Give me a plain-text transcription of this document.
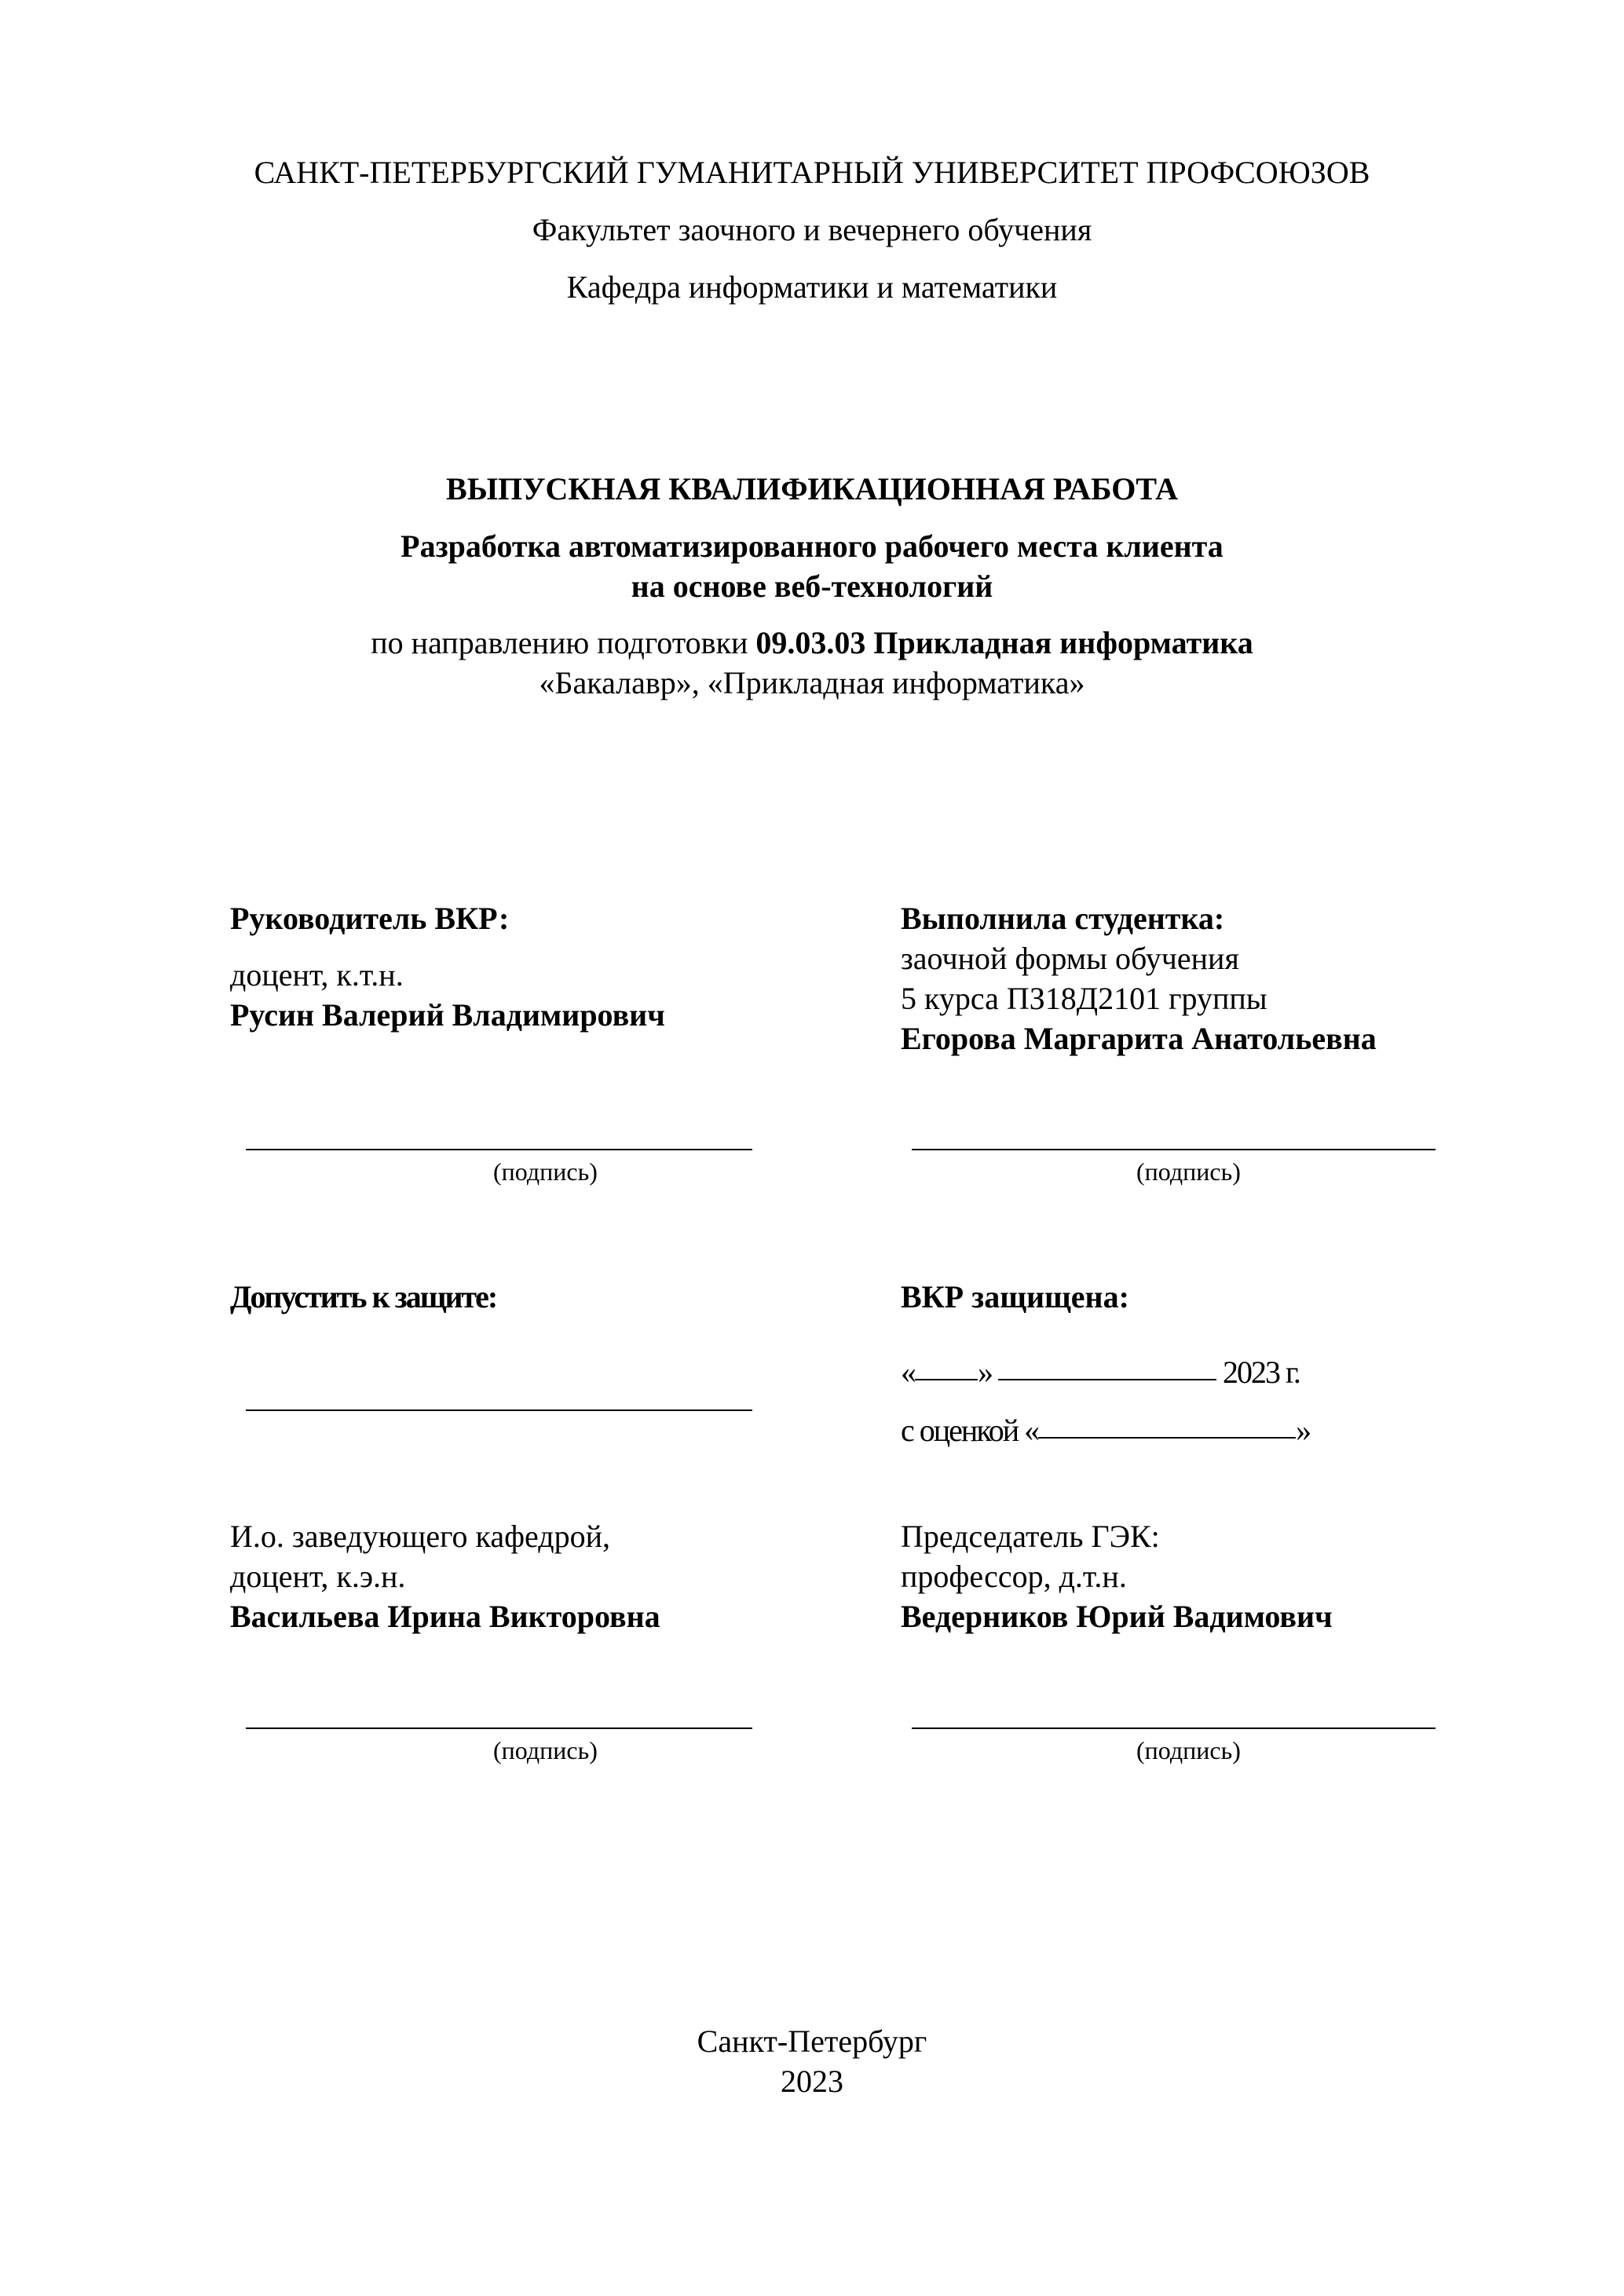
САНКТ-ПЕТЕРБУРГСКИЙ ГУМАНИТАРНЫЙ УНИВЕРСИТЕТ ПРОФСОЮЗОВ
Факультет заочного и вечернего обучения
Кафедра информатики и математики
ВЫПУСКНАЯ КВАЛИФИКАЦИОННАЯ РАБОТА
Разработка автоматизированного рабочего места клиента
на основе веб-технологий
по направлению подготовки 09.03.03 Прикладная информатика
«Бакалавр», «Прикладная информатика»
Руководитель ВКР:
доцент, к.т.н.
Русин Валерий Владимирович
(подпись)
Выполнила студентка:
заочной формы обучения
5 курса ПЗ18Д2101 группы
Егорова Маргарита Анатольевна
(подпись)
Допустить к защите:	ВКР защищена:
« »	2023 г.
с оценкой «	»
И.о. заведующего кафедрой,
доцент, к.э.н.
Васильева Ирина Викторовна
(подпись)
Председатель ГЭК:
профессор, д.т.н.
Ведерников Юрий Вадимович
(подпись)
Санкт-Петербург
2023
